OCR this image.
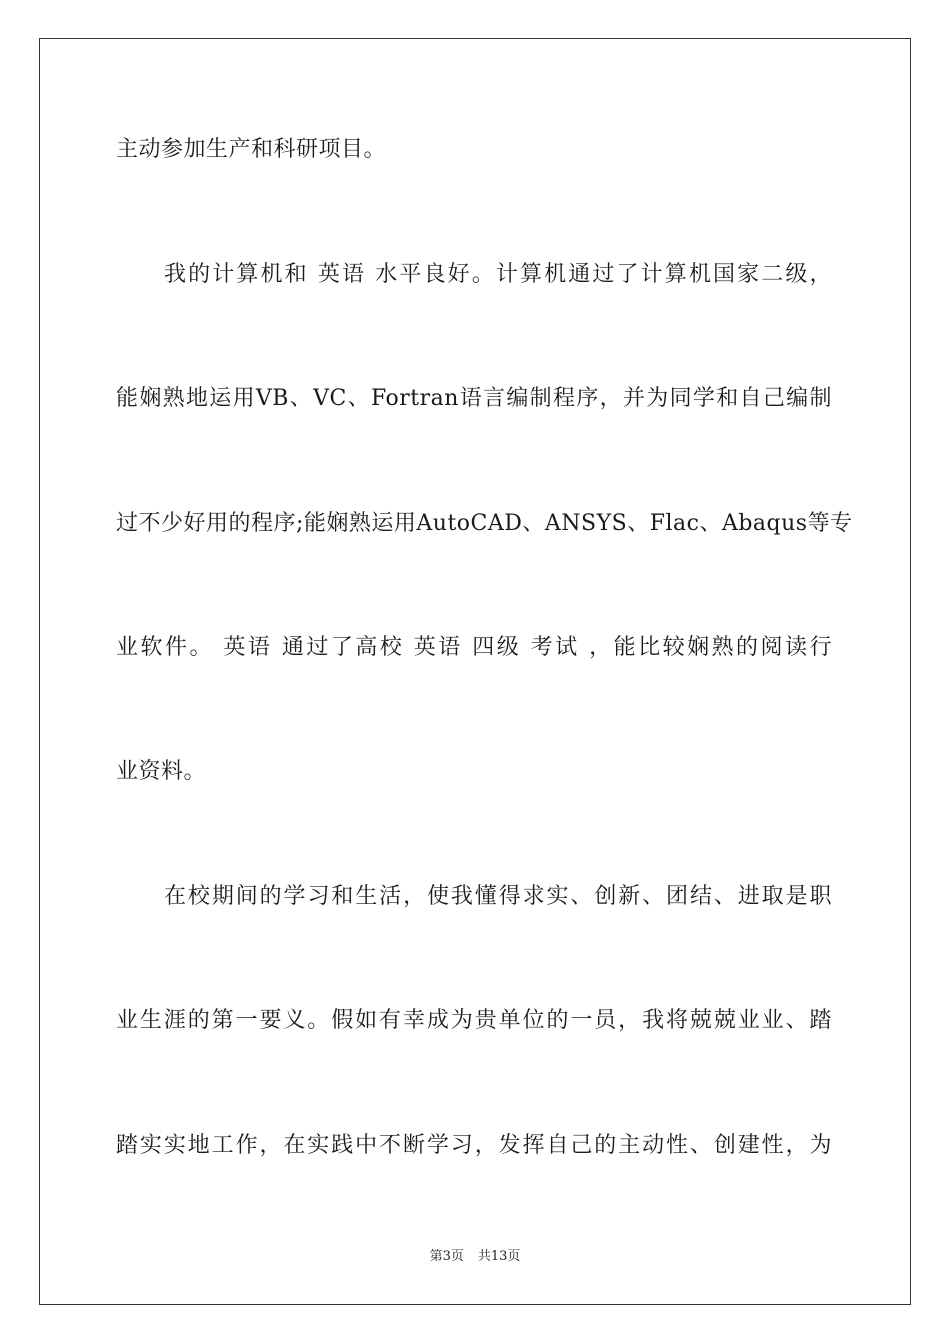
主动参加生产和科研项目。
我的计算机和 英语 水平良好。计算机通过了计算机国家二级，
能娴熟地运用VB、VC、Fortran语言编制程序，并为同学和自己编制
过不少好用的程序;能娴熟运用AutoCAD、ANSYS、Flac、Abaqus等专
业软件。 英语 通过了高校 英语 四级 考试 ，能比较娴熟的阅读行
业资料。
在校期间的学习和生活，使我懂得求实、创新、团结、进取是职
业生涯的第一要义。假如有幸成为贵单位的一员，我将兢兢业业、踏
踏实实地工作，在实践中不断学习，发挥自己的主动性、创建性，为
第3页 共13页
